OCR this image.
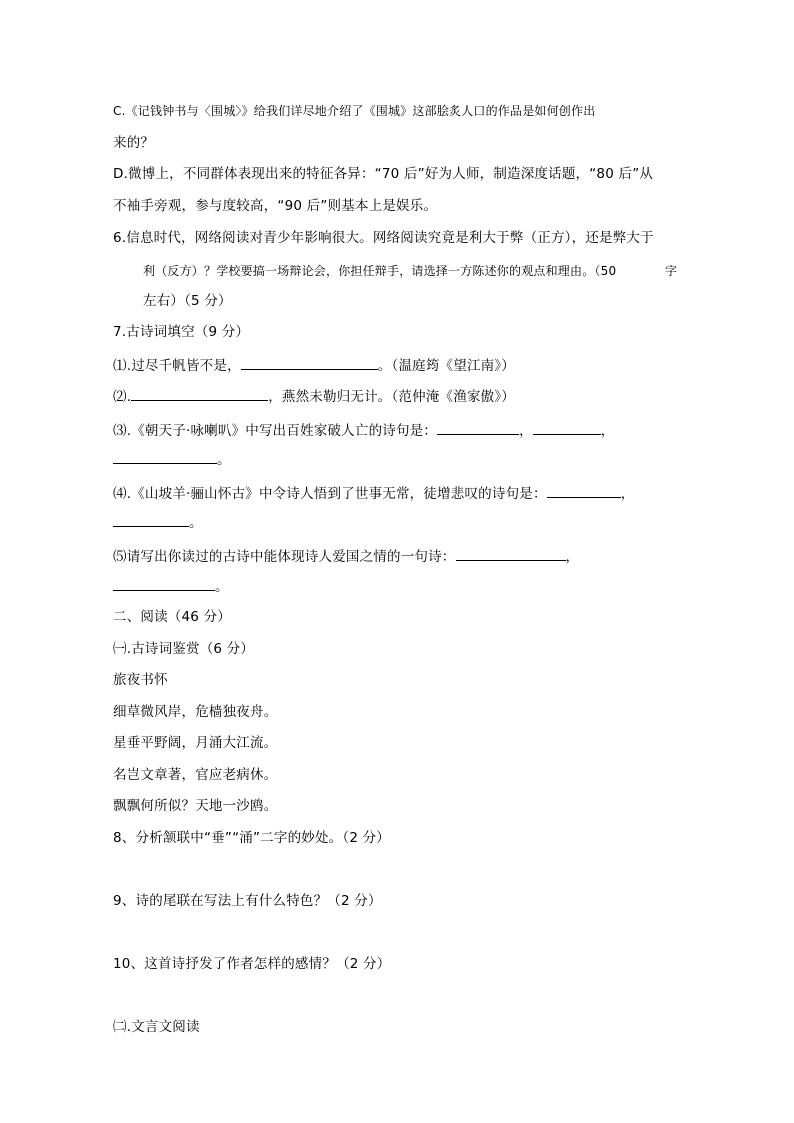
C.《记钱钟书与〈围城〉》给我们详尽地介绍了《围城》这部脍炙人口的作品是如何创作出
来的？
D.微博上，不同群体表现出来的特征各异：“70 后”好为人师，制造深度话题，“80 后”从
不袖手旁观，参与度较高，“90 后”则基本上是娱乐。
6.信息时代，网络阅读对青少年影响很大。网络阅读究竟是利大于弊（正方），还是弊大于
利（反方）？学校要搞一场辩论会，你担任辩手，请选择一方陈述你的观点和理由。（50	字
左右）（5 分）
7.古诗词填空（9 分）
⑴.过尽千帆皆不是，	。（温庭筠《望江南》）
⑵.	，燕然未勒归无计。（范仲淹《渔家傲》）
⑶.《朝天子·咏喇叭》中写出百姓家破人亡的诗句是：	，	，
。
⑷.《山坡羊·骊山怀古》中令诗人悟到了世事无常，徒增悲叹的诗句是：	，
。
⑸请写出你读过的古诗中能体现诗人爱国之情的一句诗：	，
。
二、阅读（46 分）
㈠.古诗词鉴赏（6 分）
旅夜书怀
细草微风岸，危樯独夜舟。
星垂平野阔，月涌大江流。
名岂文章著，官应老病休。
飘飘何所似？天地一沙鸥。
8、分析颔联中“垂”“涌”二字的妙处。（2 分）
9、诗的尾联在写法上有什么特色？（2 分）
10、这首诗抒发了作者怎样的感情？（2 分）
㈡.文言文阅读
